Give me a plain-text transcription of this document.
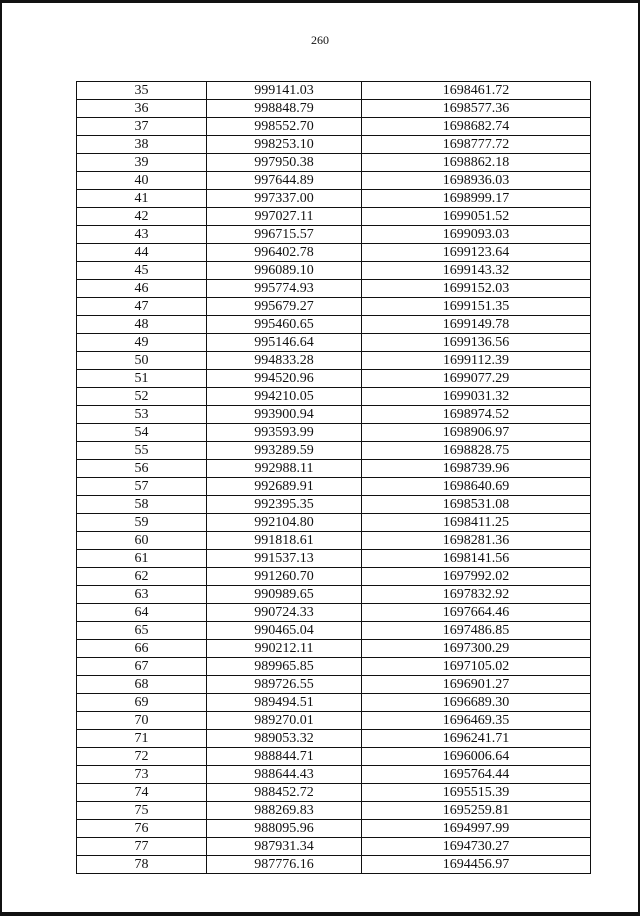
260
35	999141.03	1698461.72
36	998848.79	1698577.36
37	998552.70	1698682.74
38	998253.10	1698777.72
39	997950.38	1698862.18
40	997644.89	1698936.03
41	997337.00	1698999.17
42	997027.11	1699051.52
43	996715.57	1699093.03
44	996402.78	1699123.64
45	996089.10	1699143.32
46	995774.93	1699152.03
47	995679.27	1699151.35
48	995460.65	1699149.78
49	995146.64	1699136.56
50	994833.28	1699112.39
51	994520.96	1699077.29
52	994210.05	1699031.32
53	993900.94	1698974.52
54	993593.99	1698906.97
55	993289.59	1698828.75
56	992988.11	1698739.96
57	992689.91	1698640.69
58	992395.35	1698531.08
59	992104.80	1698411.25
60	991818.61	1698281.36
61	991537.13	1698141.56
62	991260.70	1697992.02
63	990989.65	1697832.92
64	990724.33	1697664.46
65	990465.04	1697486.85
66	990212.11	1697300.29
67	989965.85	1697105.02
68	989726.55	1696901.27
69	989494.51	1696689.30
70	989270.01	1696469.35
71	989053.32	1696241.71
72	988844.71	1696006.64
73	988644.43	1695764.44
74	988452.72	1695515.39
75	988269.83	1695259.81
76	988095.96	1694997.99
77	987931.34	1694730.27
78	987776.16	1694456.97
